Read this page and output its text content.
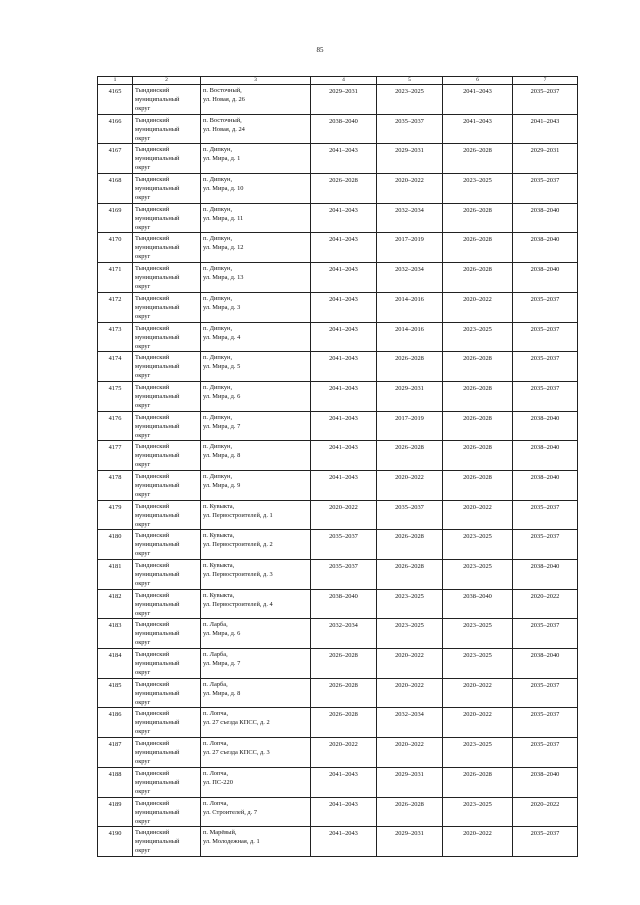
85
1	2	3	4	5	6	7
4165	Тындинский
муниципальный
округ	п. Восточный,
ул. Новая, д. 26	2029–2031	2023–2025	2041–2043	2035–2037
4166	Тындинский
муниципальный
округ	п. Восточный,
ул. Новая, д. 24	2038–2040	2035–2037	2041–2043	2041–2043
4167	Тындинский
муниципальный
округ	п. Дипкун,
ул. Мира, д. 1	2041–2043	2029–2031	2026–2028	2029–2031
4168	Тындинский
муниципальный
округ	п. Дипкун,
ул. Мира, д. 10	2026–2028	2020–2022	2023–2025	2035–2037
4169	Тындинский
муниципальный
округ	п. Дипкун,
ул. Мира, д. 11	2041–2043	2032–2034	2026–2028	2038–2040
4170	Тындинский
муниципальный
округ	п. Дипкун,
ул. Мира, д. 12	2041–2043	2017–2019	2026–2028	2038–2040
4171	Тындинский
муниципальный
округ	п. Дипкун,
ул. Мира, д. 13	2041–2043	2032–2034	2026–2028	2038–2040
4172	Тындинский
муниципальный
округ	п. Дипкун,
ул. Мира, д. 3	2041–2043	2014–2016	2020–2022	2035–2037
4173	Тындинский
муниципальный
округ	п. Дипкун,
ул. Мира, д. 4	2041–2043	2014–2016	2023–2025	2035–2037
4174	Тындинский
муниципальный
округ	п. Дипкун,
ул. Мира, д. 5	2041–2043	2026–2028	2026–2028	2035–2037
4175	Тындинский
муниципальный
округ	п. Дипкун,
ул. Мира, д. 6	2041–2043	2029–2031	2026–2028	2035–2037
4176	Тындинский
муниципальный
округ	п. Дипкун,
ул. Мира, д. 7	2041–2043	2017–2019	2026–2028	2038–2040
4177	Тындинский
муниципальный
округ	п. Дипкун,
ул. Мира, д. 8	2041–2043	2026–2028	2026–2028	2038–2040
4178	Тындинский
муниципальный
округ	п. Дипкун,
ул. Мира, д. 9	2041–2043	2020–2022	2026–2028	2038–2040
4179	Тындинский
муниципальный
округ	п. Кувыкта,
ул. Первостроителей, д. 1	2020–2022	2035–2037	2020–2022	2035–2037
4180	Тындинский
муниципальный
округ	п. Кувыкта,
ул. Первостроителей, д. 2	2035–2037	2026–2028	2023–2025	2035–2037
4181	Тындинский
муниципальный
округ	п. Кувыкта,
ул. Первостроителей, д. 3	2035–2037	2026–2028	2023–2025	2038–2040
4182	Тындинский
муниципальный
округ	п. Кувыкта,
ул. Первостроителей, д. 4	2038–2040	2023–2025	2038–2040	2020–2022
4183	Тындинский
муниципальный
округ	п. Ларба,
ул. Мира, д. 6	2032–2034	2023–2025	2023–2025	2035–2037
4184	Тындинский
муниципальный
округ	п. Ларба,
ул. Мира, д. 7	2026–2028	2020–2022	2023–2025	2038–2040
4185	Тындинский
муниципальный
округ	п. Ларба,
ул. Мира, д. 8	2026–2028	2020–2022	2020–2022	2035–2037
4186	Тындинский
муниципальный
округ	п. Лопча,
ул. 27 съезда КПСС, д. 2	2026–2028	2032–2034	2020–2022	2035–2037
4187	Тындинский
муниципальный
округ	п. Лопча,
ул. 27 съезда КПСС, д. 3	2020–2022	2020–2022	2023–2025	2035–2037
4188	Тындинский
муниципальный
округ	п. Лопча,
ул. ПС-220	2041–2043	2029–2031	2026–2028	2038–2040
4189	Тындинский
муниципальный
округ	п. Лопча,
ул. Строителей, д. 7	2041–2043	2026–2028	2023–2025	2020–2022
4190	Тындинский
муниципальный
округ	п. Марёвый,
ул. Молодежная, д. 1	2041–2043	2029–2031	2020–2022	2035–2037
